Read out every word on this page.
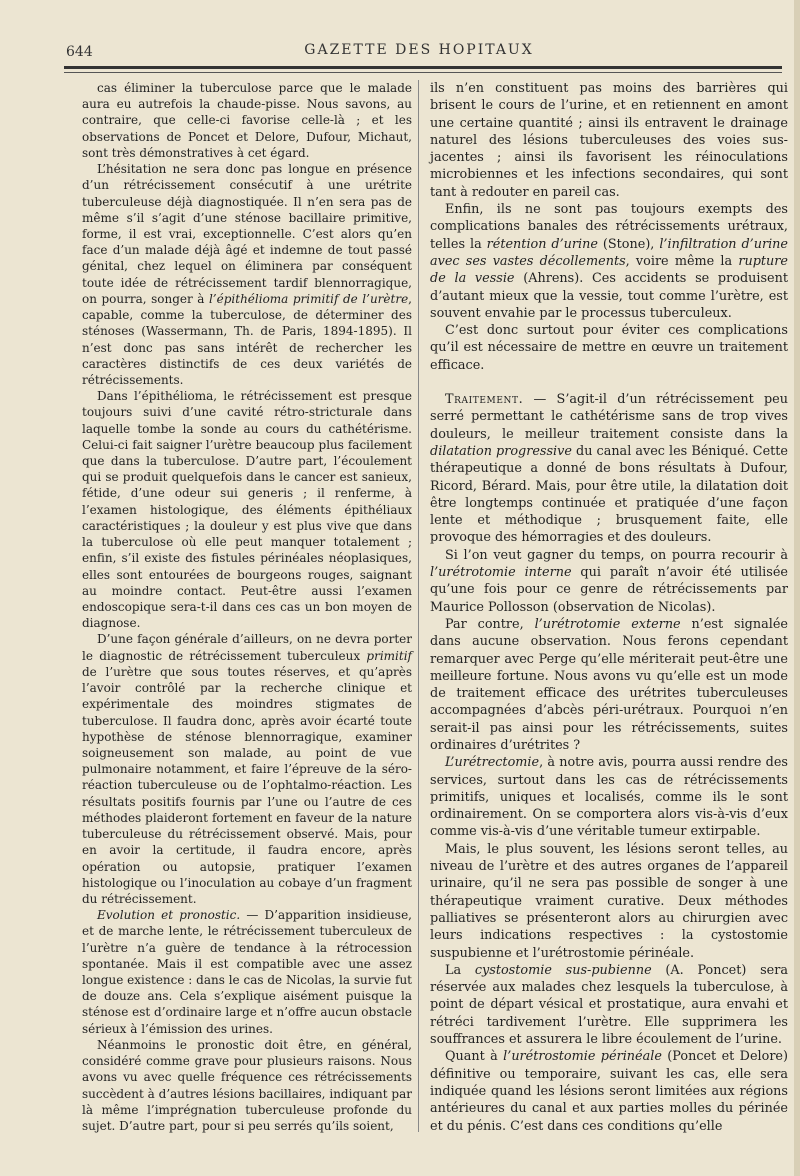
644	GAZETTE DES HOPITAUX

cas éliminer la tuberculose parce que le malade aura eu autrefois la chaude-pisse. Nous savons, au contraire, que celle-ci favorise celle-là ; et les observations de Poncet et Delore, Dufour, Michaut, sont très démonstratives à cet égard.

L’hésitation ne sera donc pas longue en présence d’un rétrécissement consécutif à une urétrite tuberculeuse déjà diagnostiquée. Il n’en sera pas de même s’il s’agit d’une sténose bacillaire primitive, forme, il est vrai, exceptionnelle. C’est alors qu’en face d’un malade déjà âgé et indemne de tout passé génital, chez lequel on éliminera par conséquent toute idée de rétrécissement tardif blennorragique, on pourra, songer à l’épithélioma primitif de l’urètre, capable, comme la tuberculose, de déterminer des sténoses (Wassermann, Th. de Paris, 1894-1895). Il n’est donc pas sans intérêt de rechercher les caractères distinctifs de ces deux variétés de rétrécissements.

Dans l’épithélioma, le rétrécissement est presque toujours suivi d’une cavité rétro-stricturale dans laquelle tombe la sonde au cours du cathétérisme. Celui-ci fait saigner l’urètre beaucoup plus facilement que dans la tuberculose. D’autre part, l’écoulement qui se produit quelquefois dans le cancer est sanieux, fétide, d’une odeur sui generis ; il renferme, à l’examen histologique, des éléments épithéliaux caractéristiques ; la douleur y est plus vive que dans la tuberculose où elle peut manquer totalement ; enfin, s’il existe des fistules périnéales néoplasiques, elles sont entourées de bourgeons rouges, saignant au moindre contact. Peut-être aussi l’examen endoscopique sera-t-il dans ces cas un bon moyen de diagnose.

D’une façon générale d’ailleurs, on ne devra porter le diagnostic de rétrécissement tuberculeux primitif de l’urètre que sous toutes réserves, et qu’après l’avoir contrôlé par la recherche clinique et expérimentale des moindres stigmates de tuberculose. Il faudra donc, après avoir écarté toute hypothèse de sténose blennorragique, examiner soigneusement son malade, au point de vue pulmonaire notamment, et faire l’épreuve de la séro-réaction tuberculeuse ou de l’ophtalmo-réaction. Les résultats positifs fournis par l’une ou l’autre de ces méthodes plaideront fortement en faveur de la nature tuberculeuse du rétrécissement observé. Mais, pour en avoir la certitude, il faudra encore, après opération ou autopsie, pratiquer l’examen histologique ou l’inoculation au cobaye d’un fragment du rétrécissement.

Evolution et pronostic. — D’apparition insidieuse, et de marche lente, le rétrécissement tuberculeux de l’urètre n’a guère de tendance à la rétrocession spontanée. Mais il est compatible avec une assez longue existence : dans le cas de Nicolas, la survie fut de douze ans. Cela s’explique aisément puisque la sténose est d’ordinaire large et n’offre aucun obstacle sérieux à l’émission des urines.

Néanmoins le pronostic doit être, en général, considéré comme grave pour plusieurs raisons. Nous avons vu avec quelle fréquence ces rétrécissements succèdent à d’autres lésions bacillaires, indiquant par là même l’imprégnation tuberculeuse profonde du sujet. D’autre part, pour si peu serrés qu’ils soient,

ils n’en constituent pas moins des barrières qui brisent le cours de l’urine, et en retiennent en amont une certaine quantité ; ainsi ils entravent le drainage naturel des lésions tuberculeuses des voies sus-jacentes ; ainsi ils favorisent les réinoculations microbiennes et les infections secondaires, qui sont tant à redouter en pareil cas.

Enfin, ils ne sont pas toujours exempts des complications banales des rétrécissements urétraux, telles la rétention d’urine (Stone), l’infiltration d’urine avec ses vastes décollements, voire même la rupture de la vessie (Ahrens). Ces accidents se produisent d’autant mieux que la vessie, tout comme l’urètre, est souvent envahie par le processus tuberculeux.

C’est donc surtout pour éviter ces complications qu’il est nécessaire de mettre en œuvre un traitement efficace.

Traitement. — S’agit-il d’un rétrécissement peu serré permettant le cathétérisme sans de trop vives douleurs, le meilleur traitement consiste dans la dilatation progressive du canal avec les Béniqué. Cette thérapeutique a donné de bons résultats à Dufour, Ricord, Bérard. Mais, pour être utile, la dilatation doit être longtemps continuée et pratiquée d’une façon lente et méthodique ; brusquement faite, elle provoque des hémorragies et des douleurs.

Si l’on veut gagner du temps, on pourra recourir à l’urétrotomie interne qui paraît n’avoir été utilisée qu’une fois pour ce genre de rétrécissements par Maurice Pollosson (observation de Nicolas).

Par contre, l’urétrotomie externe n’est signalée dans aucune observation. Nous ferons cependant remarquer avec Perge qu’elle mériterait peut-être une meilleure fortune. Nous avons vu qu’elle est un mode de traitement efficace des urétrites tuberculeuses accompagnées d’abcès péri-urétraux. Pourquoi n’en serait-il pas ainsi pour les rétrécissements, suites ordinaires d’urétrites ?

L’urétrectomie, à notre avis, pourra aussi rendre des services, surtout dans les cas de rétrécissements primitifs, uniques et localisés, comme ils le sont ordinairement. On se comportera alors vis-à-vis d’eux comme vis-à-vis d’une véritable tumeur extirpable.

Mais, le plus souvent, les lésions seront telles, au niveau de l’urètre et des autres organes de l’appareil urinaire, qu’il ne sera pas possible de songer à une thérapeutique vraiment curative. Deux méthodes palliatives se présenteront alors au chirurgien avec leurs indications respectives : la cystostomie suspubienne et l’urétrostomie périnéale.

La cystostomie sus-pubienne (A. Poncet) sera réservée aux malades chez lesquels la tuberculose, à point de départ vésical et prostatique, aura envahi et rétréci tardivement l’urètre. Elle supprimera les souffrances et assurera le libre écoulement de l’urine.

Quant à l’urétrostomie périnéale (Poncet et Delore) définitive ou temporaire, suivant les cas, elle sera indiquée quand les lésions seront limitées aux régions antérieures du canal et aux parties molles du périnée et du pénis. C’est dans ces conditions qu’elle
